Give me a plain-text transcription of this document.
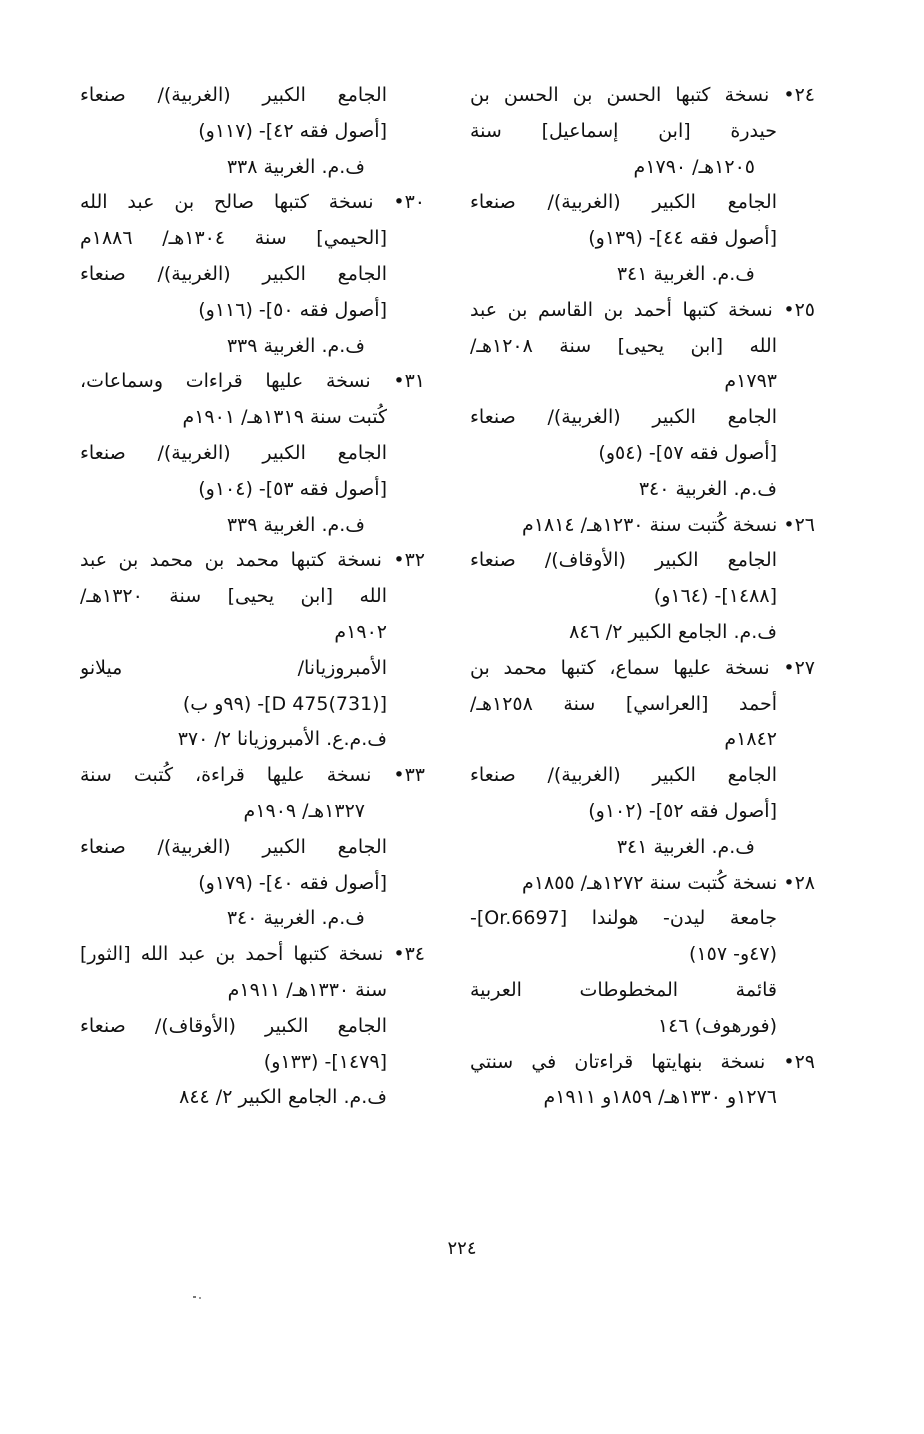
٢٤• نسخة كتبها الحسن بن الحسن بن
حيدرة [ابن إسماعيل] سنة
١٢٠٥هـ/ ١٧٩٠م
الجامع الكبير (الغربية)/ صنعاء
[أصول فقه ٤٤]- (١٣٩و)
ف.م. الغربية ٣٤١
٢٥• نسخة كتبها أحمد بن القاسم بن عبد
الله [ابن يحيى] سنة ١٢٠٨هـ/
١٧٩٣م
الجامع الكبير (الغربية)/ صنعاء
[أصول فقه ٥٧]- (٥٤و)
ف.م. الغربية ٣٤٠
٢٦• نسخة كُتبت سنة ١٢٣٠هـ/ ١٨١٤م
الجامع الكبير (الأوقاف)/ صنعاء
[١٤٨٨]- (١٦٤و)
ف.م. الجامع الكبير ٢/ ٨٤٦
٢٧• نسخة عليها سماع، كتبها محمد بن
أحمد [العراسي] سنة ١٢٥٨هـ/
١٨٤٢م
الجامع الكبير (الغربية)/ صنعاء
[أصول فقه ٥٢]- (١٠٢و)
ف.م. الغربية ٣٤١
٢٨• نسخة كُتبت سنة ١٢٧٢هـ/ ١٨٥٥م
جامعة ليدن- هولندا [Or.6697]-
(٤٧و- ١٥٧)
قائمة المخطوطات العربية
(فورهوف) ١٤٦
٢٩• نسخة بنهايتها قراءتان في سنتي
١٢٧٦و ١٣٣٠هـ/ ١٨٥٩و ١٩١١م
الجامع الكبير (الغربية)/ صنعاء
[أصول فقه ٤٢]- (١١٧و)
ف.م. الغربية ٣٣٨
٣٠• نسخة كتبها صالح بن عبد الله
[الحيمي] سنة ١٣٠٤هـ/ ١٨٨٦م
الجامع الكبير (الغربية)/ صنعاء
[أصول فقه ٥٠]- (١١٦و)
ف.م. الغربية ٣٣٩
٣١• نسخة عليها قراءات وسماعات،
كُتبت سنة ١٣١٩هـ/ ١٩٠١م
الجامع الكبير (الغربية)/ صنعاء
[أصول فقه ٥٣]- (١٠٤و)
ف.م. الغربية ٣٣٩
٣٢• نسخة كتبها محمد بن محمد بن عبد
الله [ابن يحيى] سنة ١٣٢٠هـ/
١٩٠٢م
الأمبروزيانا/ ميلانو
[D 475(731)]- (٩٩و ب)
ف.م.ع. الأمبروزيانا ٢/ ٣٧٠
٣٣• نسخة عليها قراءة، كُتبت سنة
١٣٢٧هـ/ ١٩٠٩م
الجامع الكبير (الغربية)/ صنعاء
[أصول فقه ٤٠]- (١٧٩و)
ف.م. الغربية ٣٤٠
٣٤• نسخة كتبها أحمد بن عبد الله [الثور]
سنة ١٣٣٠هـ/ ١٩١١م
الجامع الكبير (الأوقاف)/ صنعاء
[١٤٧٩]- (١٣٣و)
ف.م. الجامع الكبير ٢/ ٨٤٤
٢٢٤
